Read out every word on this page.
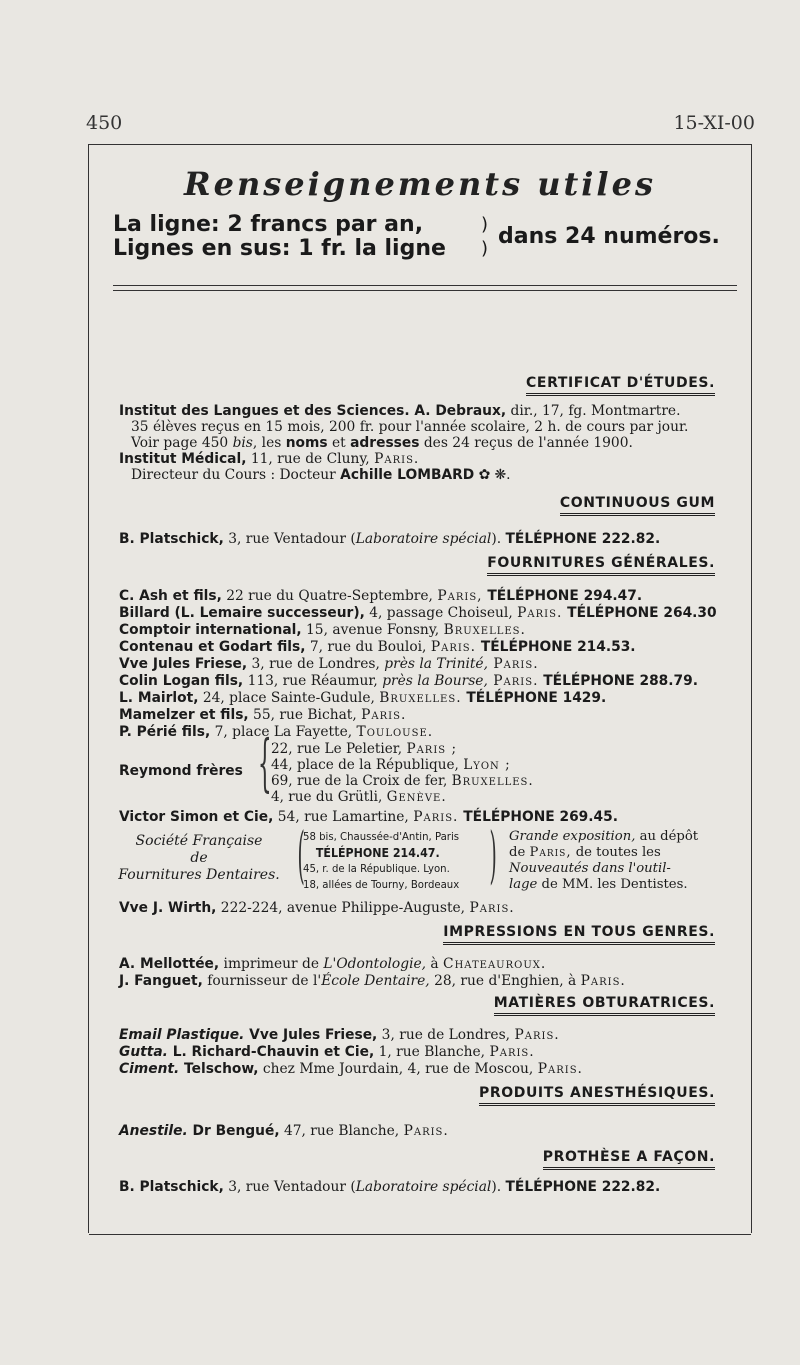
450	15-XI-00
Renseignements utiles
La ligne: 2 francs par an,
Lignes en sus: 1 fr. la ligne
)
) dans 24 numéros.
CERTIFICAT D'ÉTUDES.
Institut des Langues et des Sciences. A. Debraux, dir., 17, fg. Montmartre.
35 élèves reçus en 15 mois, 200 fr. pour l'année scolaire, 2 h. de cours par jour.
Voir page 450 bis, les noms et adresses des 24 reçus de l'année 1900.
Institut Médical, 11, rue de Cluny, Paris.
Directeur du Cours : Docteur Achille LOMBARD ✿ ❋.
CONTINUOUS GUM
B. Platschick, 3, rue Ventadour (Laboratoire spécial). TÉLÉPHONE 222.82.
FOURNITURES GÉNÉRALES.
C. Ash et fils, 22 rue du Quatre-Septembre, Paris, TÉLÉPHONE 294.47.
Billard (L. Lemaire successeur), 4, passage Choiseul, Paris. TÉLÉPHONE 264.30
Comptoir international, 15, avenue Fonsny, Bruxelles.
Contenau et Godart fils, 7, rue du Bouloi, Paris. TÉLÉPHONE 214.53.
Vve Jules Friese, 3, rue de Londres, près la Trinité, Paris.
Colin Logan fils, 113, rue Réaumur, près la Bourse, Paris. TÉLÉPHONE 288.79.
L. Mairlot, 24, place Sainte-Gudule, Bruxelles. TÉLÉPHONE 1429.
Mamelzer et fils, 55, rue Bichat, Paris.
P. Périé fils, 7, place La Fayette, Toulouse.
Reymond frères { 22, rue Le Peletier, Paris ;
44, place de la République, Lyon ;
69, rue de la Croix de fer, Bruxelles.
4, rue du Grütli, Genève.
Victor Simon et Cie, 54, rue Lamartine, Paris. TÉLÉPHONE 269.45.
Société Française
de
Fournitures Dentaires. (
58 bis, Chaussée-d'Antin, Paris
TÉLÉPHONE 214.47.
45, r. de la République. Lyon.
18, allées de Tourny, Bordeaux ) Grande exposition, au dépôt
de Paris, de toutes les
Nouveautés dans l'outil-
lage de MM. les Dentistes.
Vve J. Wirth, 222-224, avenue Philippe-Auguste, Paris.
IMPRESSIONS EN TOUS GENRES.
A. Mellottée, imprimeur de L'Odontologie, à Chateauroux.
J. Fanguet, fournisseur de l'École Dentaire, 28, rue d'Enghien, à Paris.
MATIÈRES OBTURATRICES.
Email Plastique. Vve Jules Friese, 3, rue de Londres, Paris.
Gutta. L. Richard-Chauvin et Cie, 1, rue Blanche, Paris.
Ciment. Telschow, chez Mme Jourdain, 4, rue de Moscou, Paris.
PRODUITS ANESTHÉSIQUES.
Anestile. Dr Bengué, 47, rue Blanche, Paris.
PROTHÈSE A FAÇON.
B. Platschick, 3, rue Ventadour (Laboratoire spécial). TÉLÉPHONE 222.82.
